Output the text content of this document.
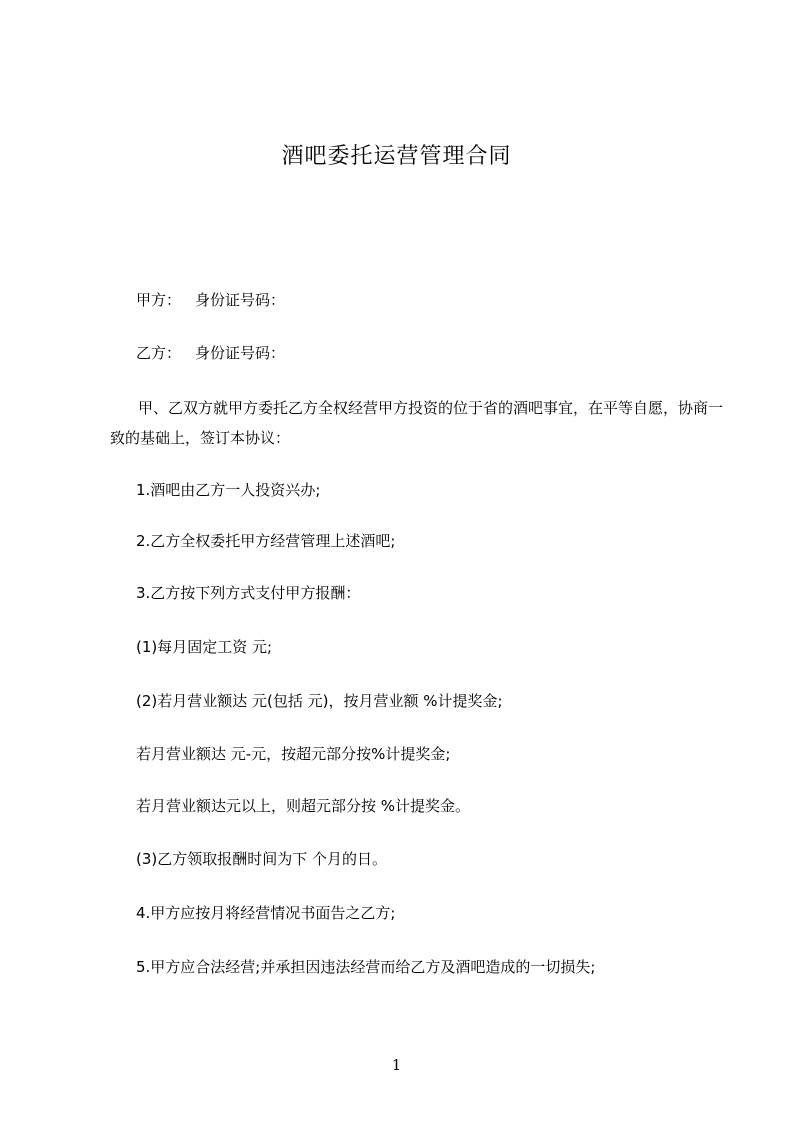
酒吧委托运营管理合同
甲方： 身份证号码：
乙方： 身份证号码：
甲、乙双方就甲方委托乙方全权经营甲方投资的位于省的酒吧事宜，在平等自愿，协商一致的基础上，签订本协议：
1.酒吧由乙方一人投资兴办;
2.乙方全权委托甲方经营管理上述酒吧;
3.乙方按下列方式支付甲方报酬：
(1)每月固定工资 元;
(2)若月营业额达 元(包括 元)，按月营业额 %计提奖金;
若月营业额达 元-元，按超元部分按%计提奖金;
若月营业额达元以上，则超元部分按 %计提奖金。
(3)乙方领取报酬时间为下 个月的日。
4.甲方应按月将经营情况书面告之乙方;
5.甲方应合法经营;并承担因违法经营而给乙方及酒吧造成的一切损失;
1
